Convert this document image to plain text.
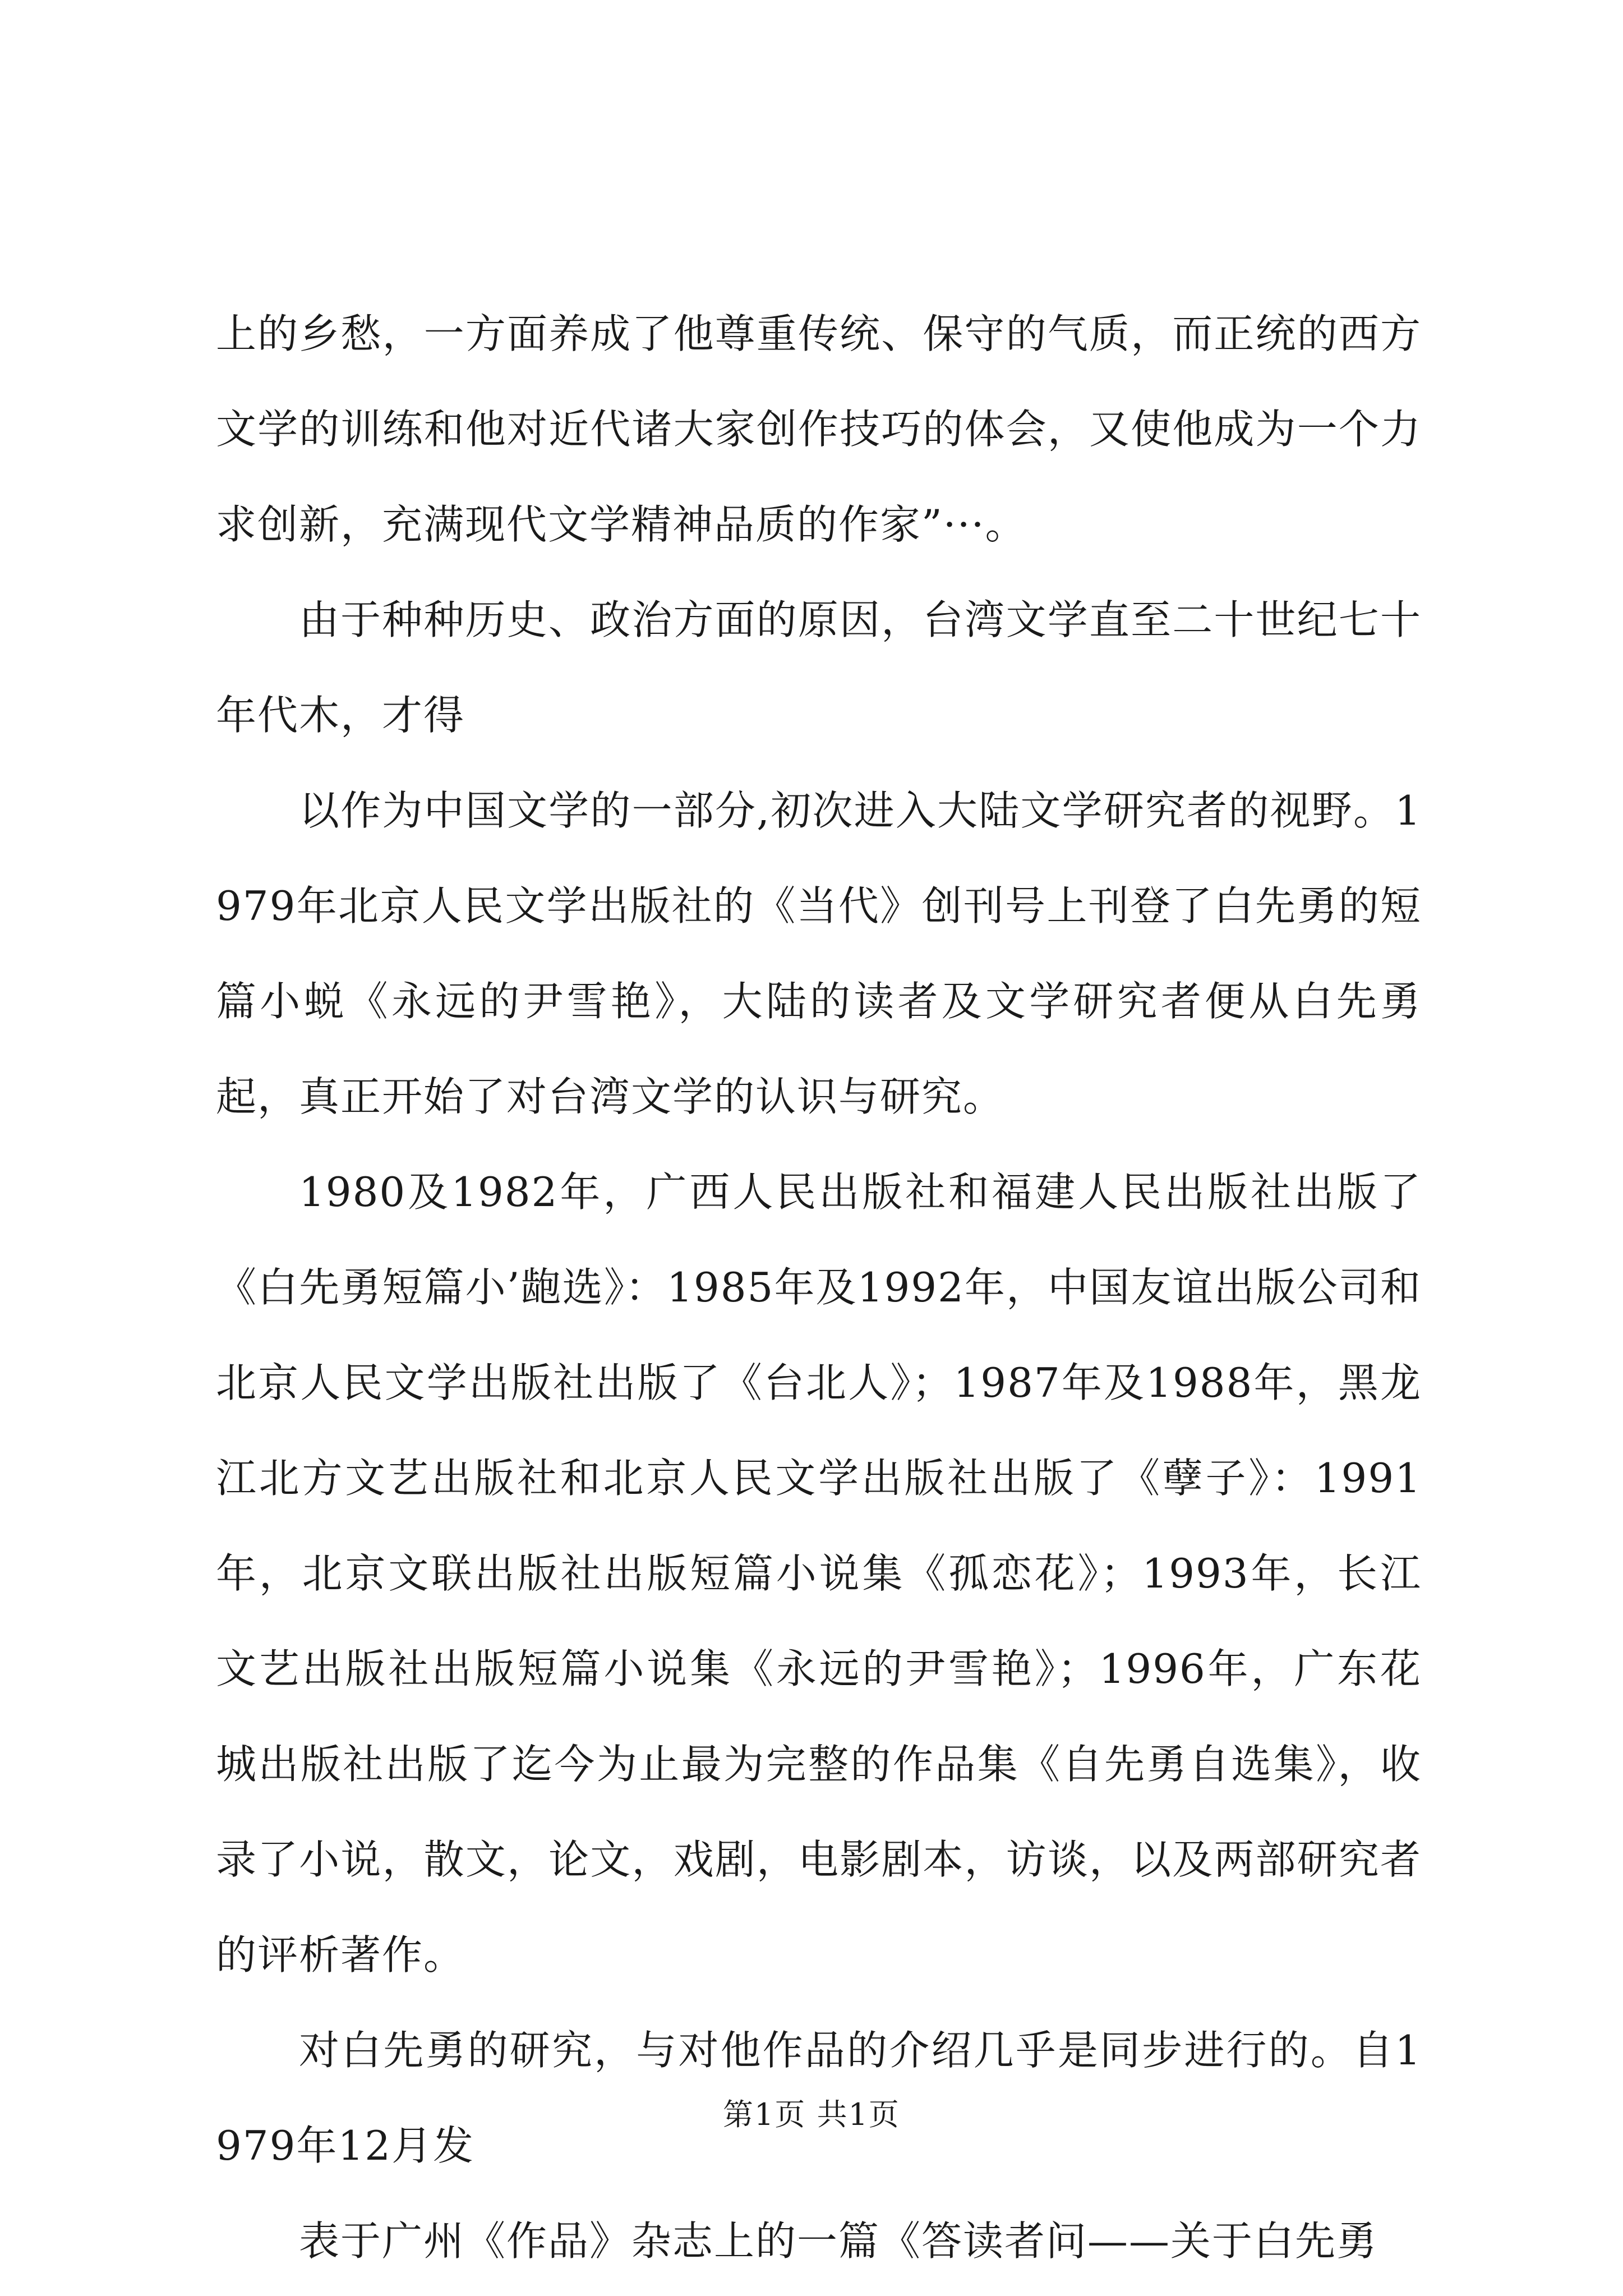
上的乡愁，一方面养成了他尊重传统、保守的气质，而正统的西方文学的训练和他对近代诸大家创作技巧的体会，又使他成为一个力求创新，充满现代文学精神品质的作家”···。

由于种种历史、政治方面的原因，台湾文学直至二十世纪七十年代木，才得

以作为中国文学的一部分,初次进入大陆文学研究者的视野。1979年北京人民文学出版社的《当代》创刊号上刊登了白先勇的短篇小蜕《永远的尹雪艳》，大陆的读者及文学研究者便从白先勇起，真正开始了对台湾文学的认识与研究。

1980及1982年，广西人民出版社和福建人民出版社出版了《白先勇短篇小’龅选》：1985年及1992年，中国友谊出版公司和北京人民文学出版社出版了《台北人》；1987年及1988年，黑龙江北方文艺出版社和北京人民文学出版社出版了《孽子》：1991年，北京文联出版社出版短篇小说集《孤恋花》；1993年，长江文艺出版社出版短篇小说集《永远的尹雪艳》；1996年，广东花城出版社出版了迄今为止最为完整的作品集《自先勇自选集》，收录了小说，散文，论文，戏剧，电影剧本，访谈，以及两部研究者的评析著作。

对白先勇的研究，与对他作品的介绍几乎是同步进行的。自1979年12月发

表于广州《作品》杂志上的一篇《答读者问——关于白先勇

第1页 共1页
